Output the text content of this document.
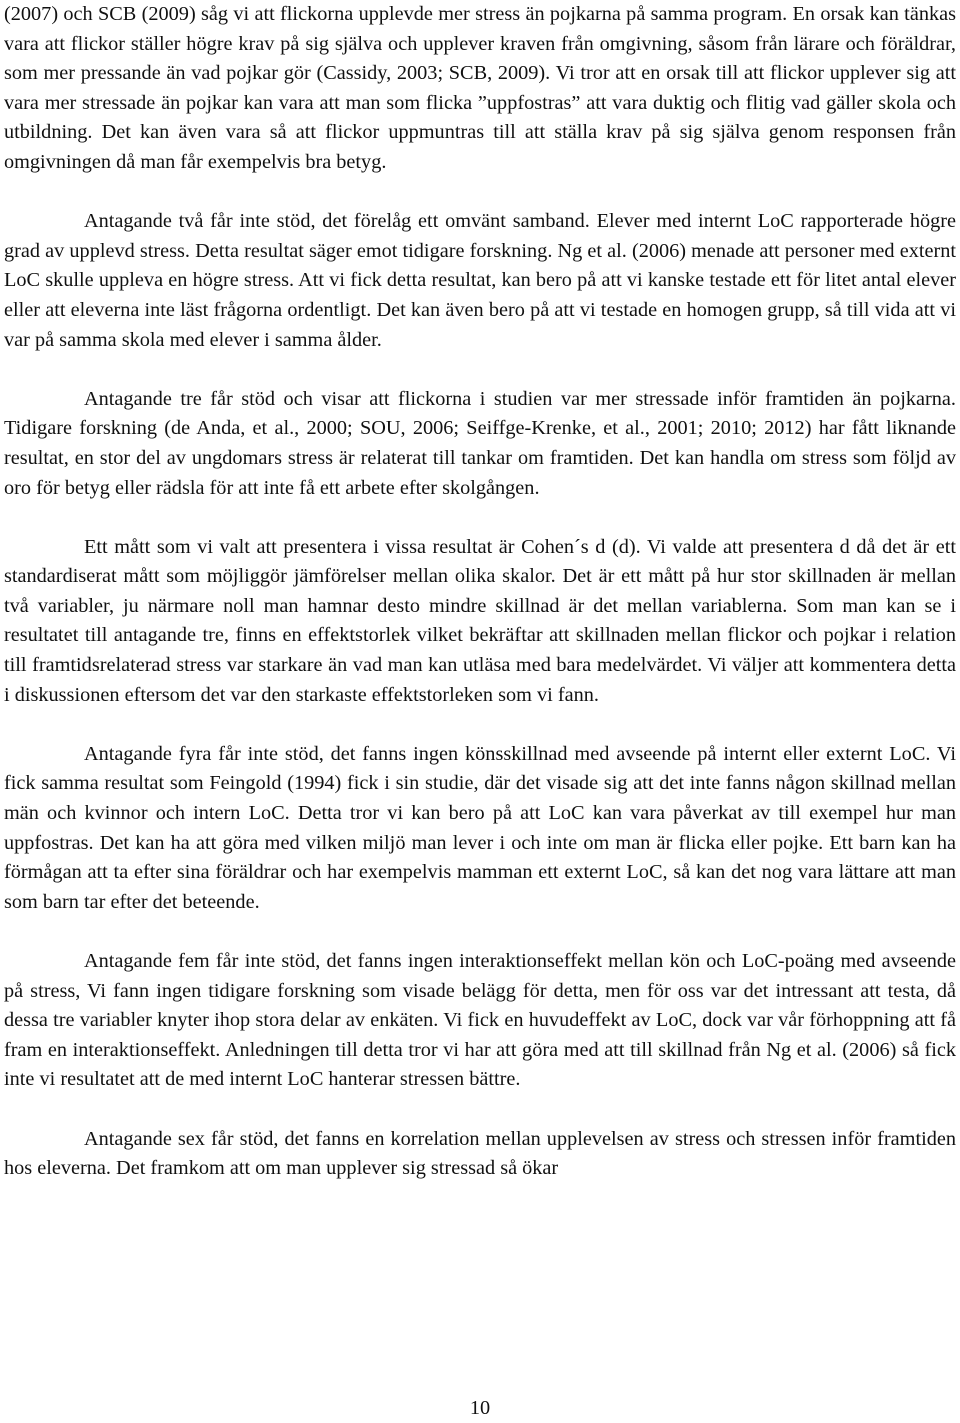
(2007) och SCB (2009) såg vi att flickorna upplevde mer stress än pojkarna på samma program. En orsak kan tänkas vara att flickor ställer högre krav på sig själva och upplever kraven från omgivning, såsom från lärare och föräldrar, som mer pressande än vad pojkar gör (Cassidy, 2003; SCB, 2009). Vi tror att en orsak till att flickor upplever sig att vara mer stressade än pojkar kan vara att man som flicka ”uppfostras” att vara duktig och flitig vad gäller skola och utbildning. Det kan även vara så att flickor uppmuntras till att ställa krav på sig själva genom responsen från omgivningen då man får exempelvis bra betyg.

Antagande två får inte stöd, det förelåg ett omvänt samband. Elever med internt LoC rapporterade högre grad av upplevd stress. Detta resultat säger emot tidigare forskning. Ng et al. (2006) menade att personer med externt LoC skulle uppleva en högre stress. Att vi fick detta resultat, kan bero på att vi kanske testade ett för litet antal elever eller att eleverna inte läst frågorna ordentligt. Det kan även bero på att vi testade en homogen grupp, så till vida att vi var på samma skola med elever i samma ålder.

Antagande tre får stöd och visar att flickorna i studien var mer stressade inför framtiden än pojkarna. Tidigare forskning (de Anda, et al., 2000; SOU, 2006; Seiffge-Krenke, et al., 2001; 2010; 2012) har fått liknande resultat, en stor del av ungdomars stress är relaterat till tankar om framtiden. Det kan handla om stress som följd av oro för betyg eller rädsla för att inte få ett arbete efter skolgången.

Ett mått som vi valt att presentera i vissa resultat är Cohen´s d (d). Vi valde att presentera d då det är ett standardiserat mått som möjliggör jämförelser mellan olika skalor. Det är ett mått på hur stor skillnaden är mellan två variabler, ju närmare noll man hamnar desto mindre skillnad är det mellan variablerna. Som man kan se i resultatet till antagande tre, finns en effektstorlek vilket bekräftar att skillnaden mellan flickor och pojkar i relation till framtidsrelaterad stress var starkare än vad man kan utläsa med bara medelvärdet. Vi väljer att kommentera detta i diskussionen eftersom det var den starkaste effektstorleken som vi fann.

Antagande fyra får inte stöd, det fanns ingen könsskillnad med avseende på internt eller externt LoC. Vi fick samma resultat som Feingold (1994) fick i sin studie, där det visade sig att det inte fanns någon skillnad mellan män och kvinnor och intern LoC. Detta tror vi kan bero på att LoC kan vara påverkat av till exempel hur man uppfostras. Det kan ha att göra med vilken miljö man lever i och inte om man är flicka eller pojke. Ett barn kan ha förmågan att ta efter sina föräldrar och har exempelvis mamman ett externt LoC, så kan det nog vara lättare att man som barn tar efter det beteende.

Antagande fem får inte stöd, det fanns ingen interaktionseffekt mellan kön och LoC-poäng med avseende på stress, Vi fann ingen tidigare forskning som visade belägg för detta, men för oss var det intressant att testa, då dessa tre variabler knyter ihop stora delar av enkäten. Vi fick en huvudeffekt av LoC, dock var vår förhoppning att få fram en interaktionseffekt. Anledningen till detta tror vi har att göra med att till skillnad från Ng et al. (2006) så fick inte vi resultatet att de med internt LoC hanterar stressen bättre.

Antagande sex får stöd, det fanns en korrelation mellan upplevelsen av stress och stressen inför framtiden hos eleverna. Det framkom att om man upplever sig stressad så ökar

10
